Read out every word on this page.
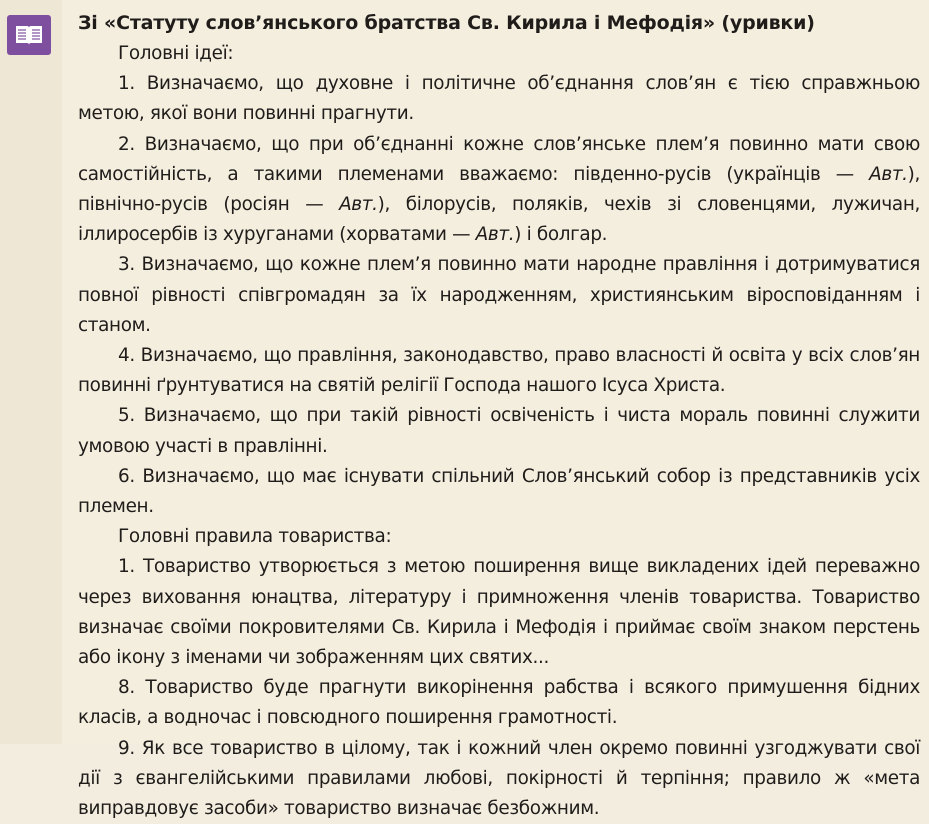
Зі «Статуту слов’янського братства Св. Кирила і Мефодія» (уривки)

Головні ідеї:

1. Визначаємо, що духовне і політичне об’єднання слов’ян є тією справжньою метою, якої вони повинні прагнути.

2. Визначаємо, що при об’єднанні кожне слов’янське плем’я повинно мати свою самостійність, а такими племенами вважаємо: південно-русів (українців — Авт.), північно-русів (росіян — Авт.), білорусів, поляків, чехів зі словенцями, лужичан, іллиросербів із хуруганами (хорватами — Авт.) і болгар.

3. Визначаємо, що кожне плем’я повинно мати народне правління і дотримуватися повної рівності співгромадян за їх народженням, християнським віросповіданням і станом.

4. Визначаємо, що правління, законодавство, право власності й освіта у всіх слов’ян повинні ґрунтуватися на святій релігії Господа нашого Ісуса Христа.

5. Визначаємо, що при такій рівності освіченість і чиста мораль повинні служити умовою участі в правлінні.

6. Визначаємо, що має існувати спільний Слов’янський собор із представників усіх племен.

Головні правила товариства:

1. Товариство утворюється з метою поширення вище викладених ідей переважно через виховання юнацтва, літературу і примноження членів товариства. Товариство визначає своїми покровителями Св. Кирила і Мефодія і приймає своїм знаком перстень або ікону з іменами чи зображенням цих святих...

8. Товариство буде прагнути викорінення рабства і всякого примушення бідних класів, а водночас і повсюдного поширення грамотності.

9. Як все товариство в цілому, так і кожний член окремо повинні узгоджувати свої дії з євангелійськими правилами любові, покірності й терпіння; правило ж «мета виправдовує засоби» товариство визначає безбожним.
